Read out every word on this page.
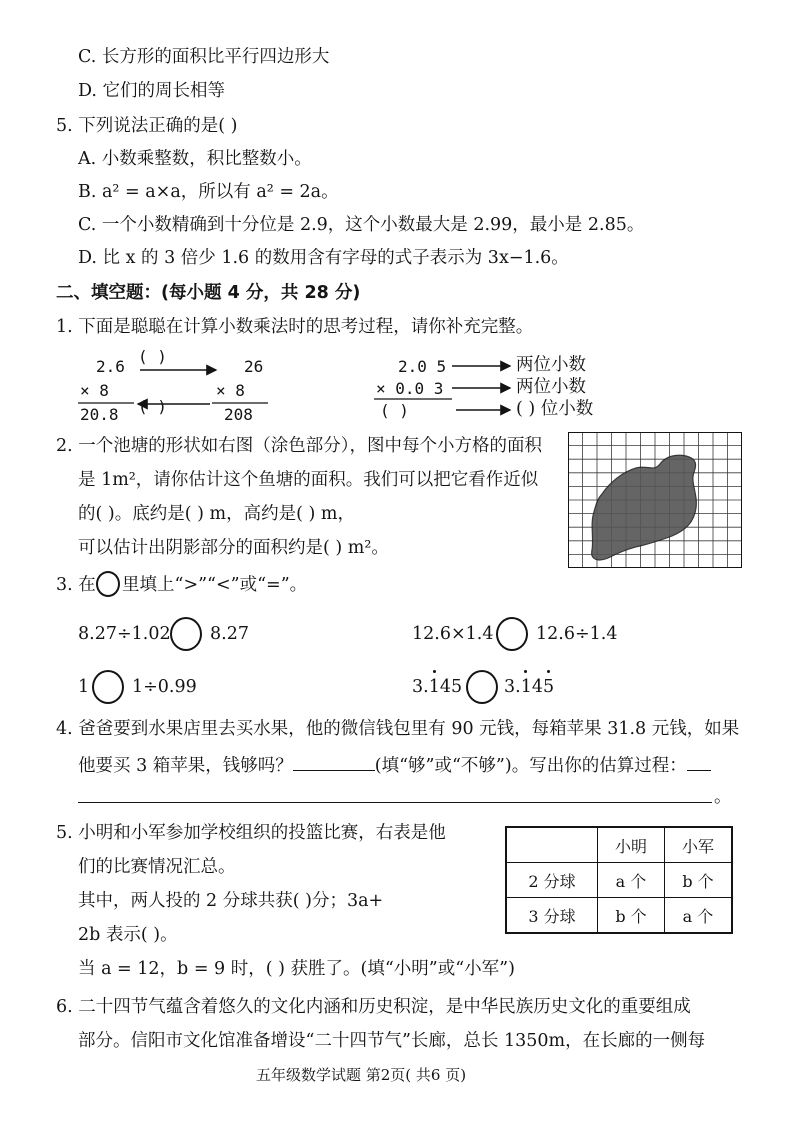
C. 长方形的面积比平行四边形大
D. 它们的周长相等
5. 下列说法正确的是( )
A. 小数乘整数，积比整数小。
B. a² = a×a，所以有 a² = 2a。
C. 一个小数精确到十分位是 2.9，这个小数最大是 2.99，最小是 2.85。
D. 比 x 的 3 倍少 1.6 的数用含有字母的式子表示为 3x−1.6。
二、填空题：(每小题 4 分，共 28 分)
1. 下面是聪聪在计算小数乘法时的思考过程，请你补充完整。
2.6
( )
26
× 8	× 8
20.8 ( )	208
2.0 5
× 0.0 3
( )
两位小数
两位小数
( ) 位小数
2. 一个池塘的形状如右图（涂色部分），图中每个小方格的面积
是 1m²，请你估计这个鱼塘的面积。我们可以把它看作近似
的( )。底约是( ) m，高约是( ) m，
可以估计出阴影部分的面积约是( ) m²。
3. 在 里填上“>”“<”或“=”。
8.27÷1.02 8.27	12.6×1.4 12.6÷1.4
1 1÷0.99	3.145 3.145
4. 爸爸要到水果店里去买水果，他的微信钱包里有 90 元钱，每箱苹果 31.8 元钱，如果
他要买 3 箱苹果，钱够吗？	(填“够”或“不够”)。写出你的估算过程：
。
5. 小明和小军参加学校组织的投篮比赛，右表是他
们的比赛情况汇总。
其中，两人投的 2 分球共获( )分；3a+
2b 表示( )。
当 a = 12，b = 9 时，( ) 获胜了。(填“小明”或“小军”)
	小明	小军
2 分球	a 个	b 个
3 分球	b 个	a 个
6. 二十四节气蕴含着悠久的文化内涵和历史积淀，是中华民族历史文化的重要组成
部分。信阳市文化馆准备增设“二十四节气”长廊，总长 1350m，在长廊的一侧每
五年级数学试题 第2页( 共6 页)
